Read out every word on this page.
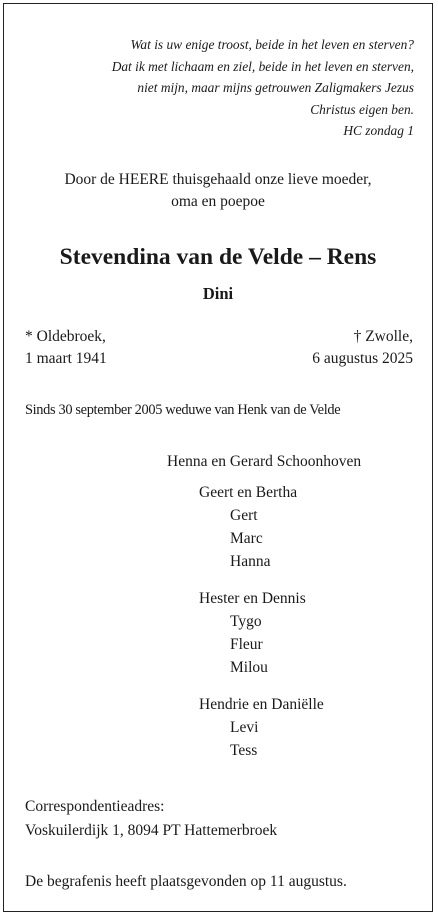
Wat is uw enige troost, beide in het leven en sterven?
Dat ik met lichaam en ziel, beide in het leven en sterven,
niet mijn, maar mijns getrouwen Zaligmakers Jezus
Christus eigen ben.
HC zondag 1
Door de HEERE thuisgehaald onze lieve moeder,
oma en poepoe
Stevendina van de Velde – Rens
Dini
* Oldebroek,
1 maart 1941
† Zwolle,
6 augustus 2025
Sinds 30 september 2005 weduwe van Henk van de Velde
Henna en Gerard Schoonhoven
Geert en Bertha
Gert
Marc
Hanna
Hester en Dennis
Tygo
Fleur
Milou
Hendrie en Daniëlle
Levi
Tess
Correspondentieadres:
Voskuilerdijk 1, 8094 PT Hattemerbroek
De begrafenis heeft plaatsgevonden op 11 augustus.
